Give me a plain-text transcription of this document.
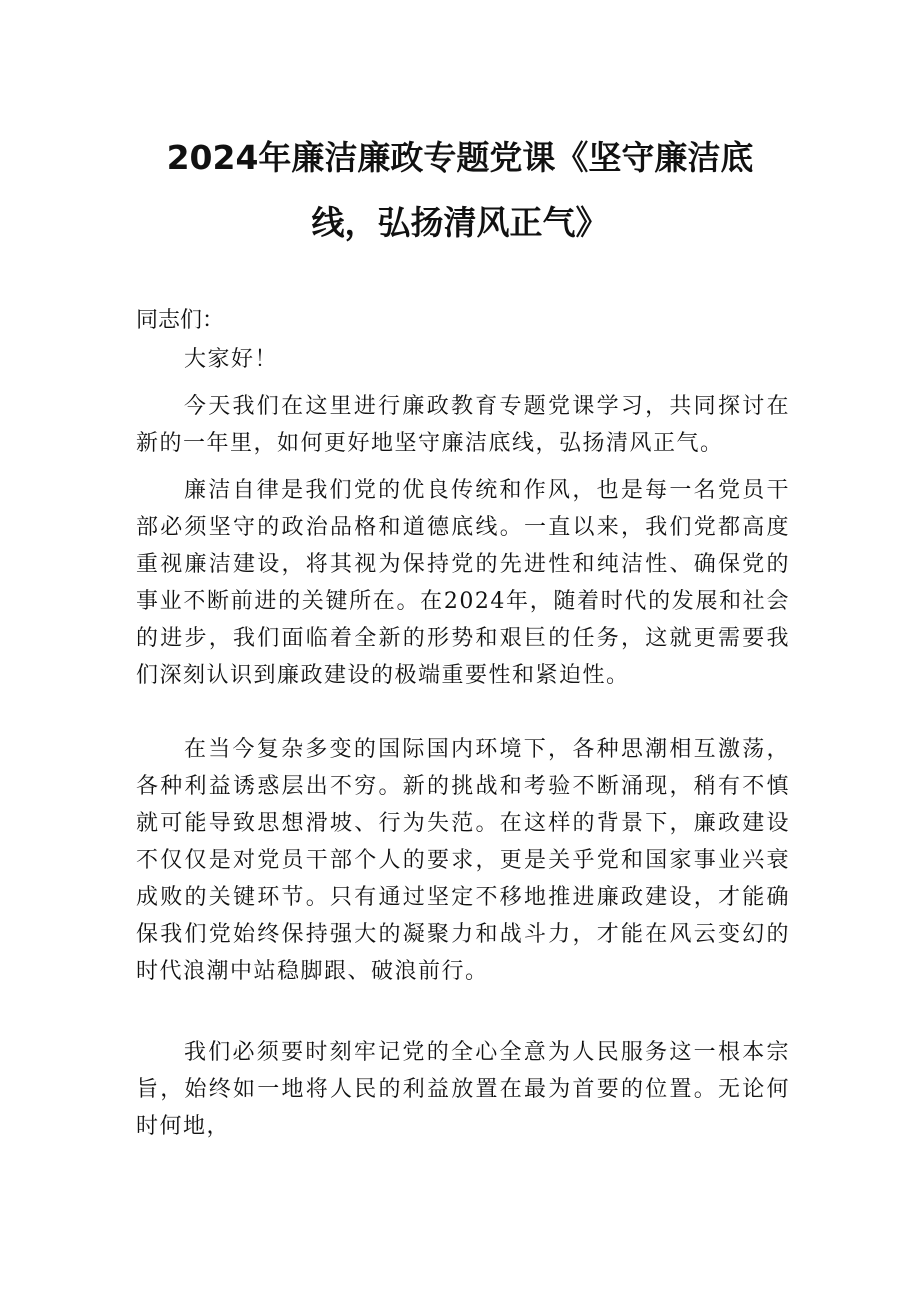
2024年廉洁廉政专题党课《坚守廉洁底
线，弘扬清风正气》

同志们：

大家好！

今天我们在这里进行廉政教育专题党课学习，共同探讨在新的一年里，如何更好地坚守廉洁底线，弘扬清风正气。

廉洁自律是我们党的优良传统和作风，也是每一名党员干部必须坚守的政治品格和道德底线。一直以来，我们党都高度重视廉洁建设，将其视为保持党的先进性和纯洁性、确保党的事业不断前进的关键所在。在2024年，随着时代的发展和社会的进步，我们面临着全新的形势和艰巨的任务，这就更需要我们深刻认识到廉政建设的极端重要性和紧迫性。

在当今复杂多变的国际国内环境下，各种思潮相互激荡，各种利益诱惑层出不穷。新的挑战和考验不断涌现，稍有不慎就可能导致思想滑坡、行为失范。在这样的背景下，廉政建设不仅仅是对党员干部个人的要求，更是关乎党和国家事业兴衰成败的关键环节。只有通过坚定不移地推进廉政建设，才能确保我们党始终保持强大的凝聚力和战斗力，才能在风云变幻的时代浪潮中站稳脚跟、破浪前行。

我们必须要时刻牢记党的全心全意为人民服务这一根本宗旨，始终如一地将人民的利益放置在最为首要的位置。无论何时何地，
